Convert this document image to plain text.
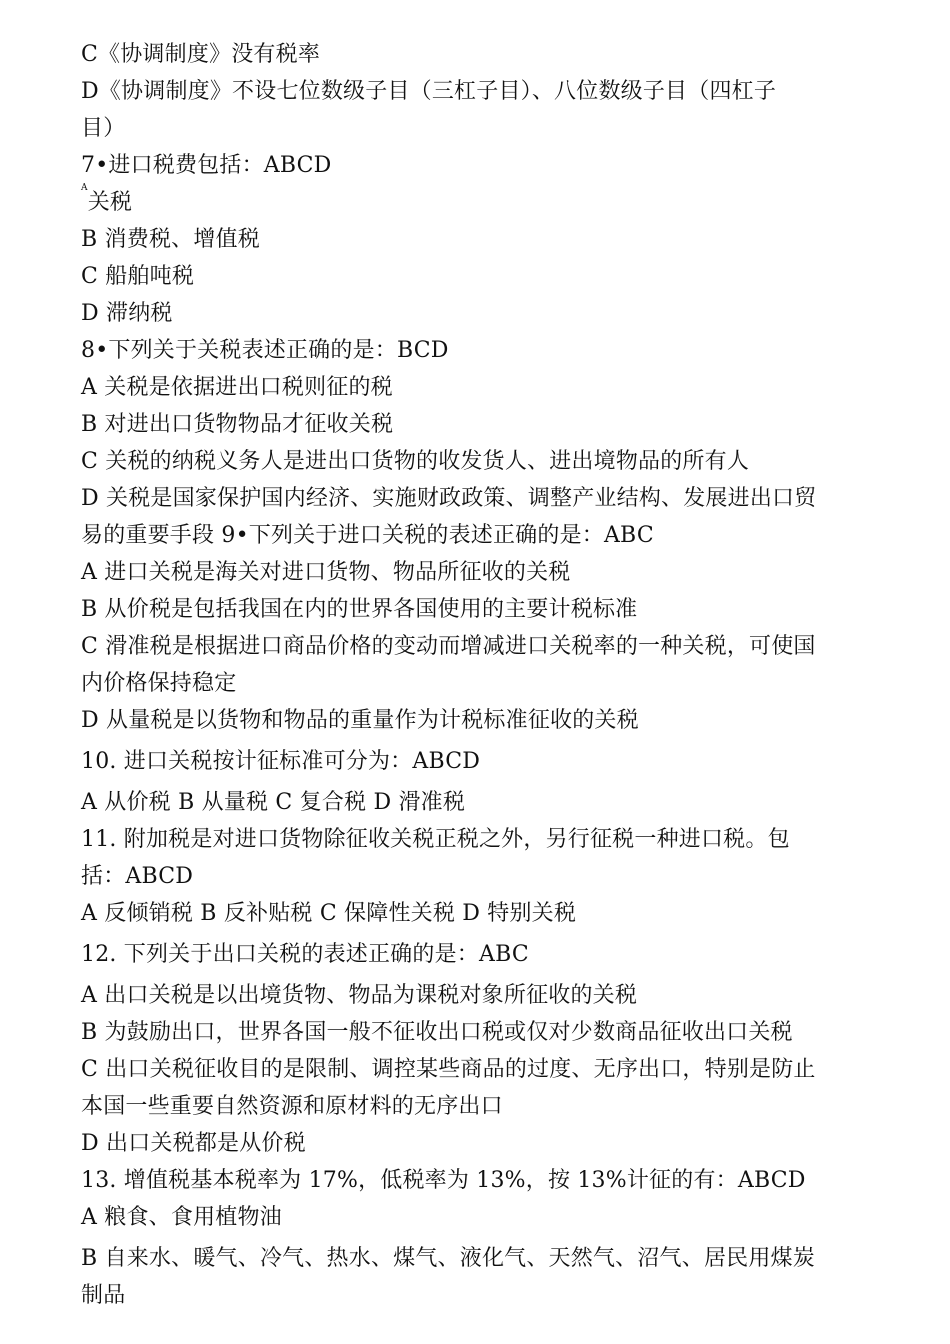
C《协调制度》没有税率
D《协调制度》不设七位数级子目（三杠子目）、八位数级子目（四杠子
目）
7•进口税费包括：ABCD
$^A$关税
B 消费税、增值税
C 船舶吨税
D 滞纳税
8•下列关于关税表述正确的是：BCD
A 关税是依据进出口税则征的税
B 对进出口货物物品才征收关税
C 关税的纳税义务人是进出口货物的收发货人、进出境物品的所有人
D 关税是国家保护国内经济、实施财政政策、调整产业结构、发展进出口贸
易的重要手段 9•下列关于进口关税的表述正确的是：ABC
A 进口关税是海关对进口货物、物品所征收的关税
B 从价税是包括我国在内的世界各国使用的主要计税标准
C 滑准税是根据进口商品价格的变动而增减进口关税率的一种关税，可使国
内价格保持稳定
D 从量税是以货物和物品的重量作为计税标准征收的关税
10. 进口关税按计征标准可分为：ABCD
A 从价税 B 从量税 C 复合税 D 滑准税
11. 附加税是对进口货物除征收关税正税之外，另行征税一种进口税。包
括：ABCD
A 反倾销税 B 反补贴税 C 保障性关税 D 特别关税
12. 下列关于出口关税的表述正确的是：ABC
A 出口关税是以出境货物、物品为课税对象所征收的关税
B 为鼓励出口，世界各国一般不征收出口税或仅对少数商品征收出口关税
C 出口关税征收目的是限制、调控某些商品的过度、无序出口，特别是防止
本国一些重要自然资源和原材料的无序出口
D 出口关税都是从价税
13. 增值税基本税率为 17%，低税率为 13%，按 13%计征的有：ABCD
A 粮食、食用植物油
B 自来水、暖气、冷气、热水、煤气、液化气、天然气、沼气、居民用煤炭
制品
